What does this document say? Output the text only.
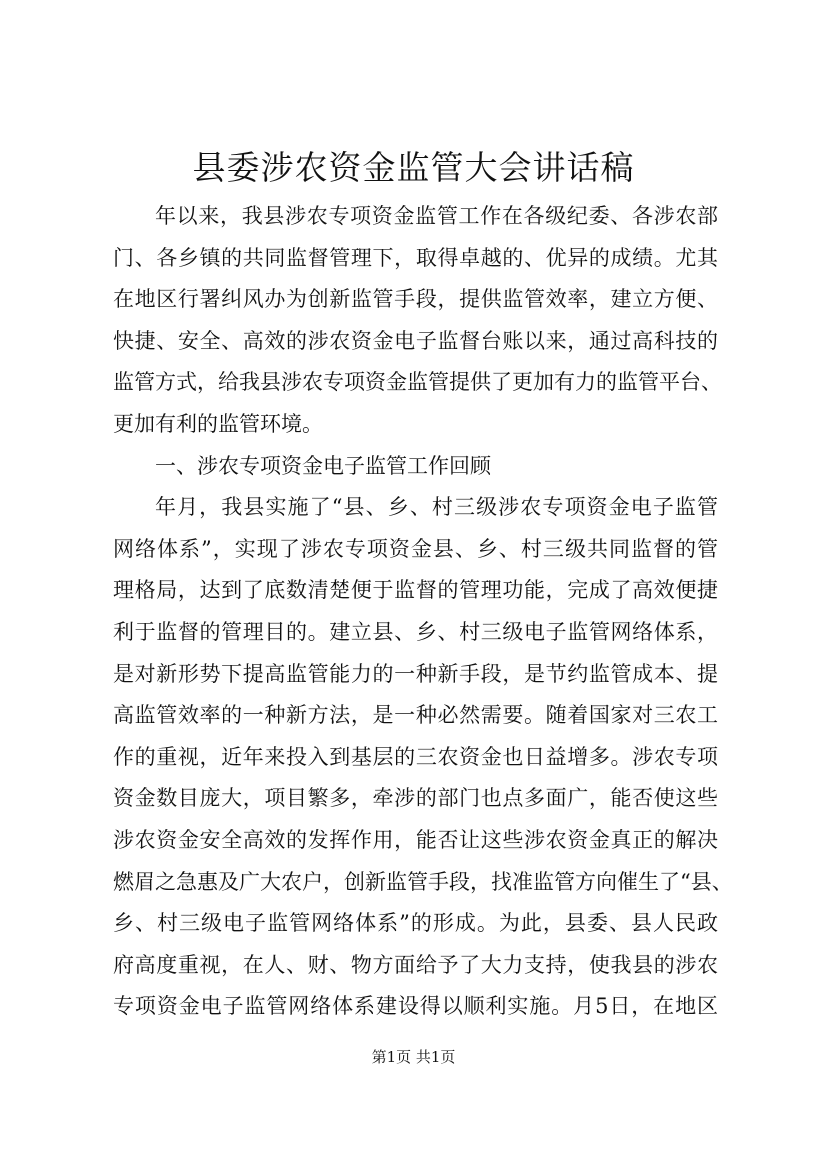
县委涉农资金监管大会讲话稿
年以来，我县涉农专项资金监管工作在各级纪委、各涉农部
门、各乡镇的共同监督管理下，取得卓越的、优异的成绩。尤其
在地区行署纠风办为创新监管手段，提供监管效率，建立方便、
快捷、安全、高效的涉农资金电子监督台账以来，通过高科技的
监管方式，给我县涉农专项资金监管提供了更加有力的监管平台、
更加有利的监管环境。
一、涉农专项资金电子监管工作回顾
年月，我县实施了“县、乡、村三级涉农专项资金电子监管
网络体系”，实现了涉农专项资金县、乡、村三级共同监督的管
理格局，达到了底数清楚便于监督的管理功能，完成了高效便捷
利于监督的管理目的。建立县、乡、村三级电子监管网络体系，
是对新形势下提高监管能力的一种新手段，是节约监管成本、提
高监管效率的一种新方法，是一种必然需要。随着国家对三农工
作的重视，近年来投入到基层的三农资金也日益增多。涉农专项
资金数目庞大，项目繁多，牵涉的部门也点多面广，能否使这些
涉农资金安全高效的发挥作用，能否让这些涉农资金真正的解决
燃眉之急惠及广大农户，创新监管手段，找准监管方向催生了“县、
乡、村三级电子监管网络体系”的形成。为此，县委、县人民政
府高度重视，在人、财、物方面给予了大力支持，使我县的涉农
专项资金电子监管网络体系建设得以顺利实施。月5日，在地区
第1页 共1页
